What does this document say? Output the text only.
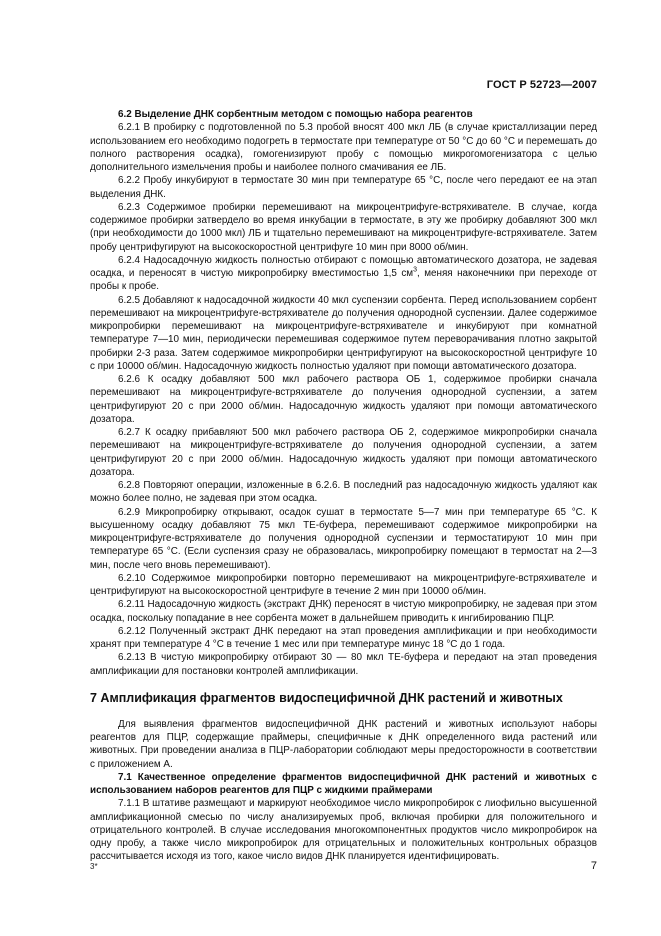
ГОСТ Р 52723—2007

6.2 Выделение ДНК сорбентным методом с помощью набора реагентов

6.2.1 В пробирку с подготовленной по 5.3 пробой вносят 400 мкл ЛБ (в случае кристаллизации перед использованием его необходимо подогреть в термостате при температуре от 50 °С до 60 °С и перемешать до полного растворения осадка), гомогенизируют пробу с помощью микрогомогенизатора с целью дополнительного измельчения пробы и наиболее полного смачивания ее ЛБ.

6.2.2 Пробу инкубируют в термостате 30 мин при температуре 65 °С, после чего передают ее на этап выделения ДНК.

6.2.3 Содержимое пробирки перемешивают на микроцентрифуге-встряхивателе. В случае, когда содержимое пробирки затвердело во время инкубации в термостате, в эту же пробирку добавляют 300 мкл (при необходимости до 1000 мкл) ЛБ и тщательно перемешивают на микроцентрифуге-встряхивателе. Затем пробу центрифугируют на высокоскоростной центрифуге 10 мин при 8000 об/мин.

6.2.4 Надосадочную жидкость полностью отбирают с помощью автоматического дозатора, не задевая осадка, и переносят в чистую микропробирку вместимостью 1,5 $см^3$, меняя наконечники при переходе от пробы к пробе.

6.2.5 Добавляют к надосадочной жидкости 40 мкл суспензии сорбента. Перед использованием сорбент перемешивают на микроцентрифуге-встряхивателе до получения однородной суспензии. Далее содержимое микропробирки перемешивают на микроцентрифуге-встряхивателе и инкубируют при комнатной температуре 7—10 мин, периодически перемешивая содержимое путем переворачивания плотно закрытой пробирки 2-3 раза. Затем содержимое микропробирки центрифугируют на высокоскоростной центрифуге 10 с при 10000 об/мин. Надосадочную жидкость полностью удаляют при помощи автоматического дозатора.

6.2.6 К осадку добавляют 500 мкл рабочего раствора ОБ 1, содержимое пробирки сначала перемешивают на микроцентрифуге-встряхивателе до получения однородной суспензии, а затем центрифугируют 20 с при 2000 об/мин. Надосадочную жидкость удаляют при помощи автоматического дозатора.

6.2.7 К осадку прибавляют 500 мкл рабочего раствора ОБ 2, содержимое микропробирки сначала перемешивают на микроцентрифуге-встряхивателе до получения однородной суспензии, а затем центрифугируют 20 с при 2000 об/мин. Надосадочную жидкость удаляют при помощи автоматического дозатора.

6.2.8 Повторяют операции, изложенные в 6.2.6. В последний раз надосадочную жидкость удаляют как можно более полно, не задевая при этом осадка.

6.2.9 Микропробирку открывают, осадок сушат в термостате 5—7 мин при температуре 65 °С. К высушенному осадку добавляют 75 мкл ТЕ-буфера, перемешивают содержимое микропробирки на микроцентрифуге-встряхивателе до получения однородной суспензии и термостатируют 10 мин при температуре 65 °С. (Если суспензия сразу не образовалась, микропробирку помещают в термостат на 2—3 мин, после чего вновь перемешивают).

6.2.10 Содержимое микропробирки повторно перемешивают на микроцентрифуге-встряхивателе и центрифугируют на высокоскоростной центрифуге в течение 2 мин при 10000 об/мин.

6.2.11 Надосадочную жидкость (экстракт ДНК) переносят в чистую микропробирку, не задевая при этом осадка, поскольку попадание в нее сорбента может в дальнейшем приводить к ингибированию ПЦР.

6.2.12 Полученный экстракт ДНК передают на этап проведения амплификации и при необходимости хранят при температуре 4 °С в течение 1 мес или при температуре минус 18 °С до 1 года.

6.2.13 В чистую микропробирку отбирают 30 — 80 мкл ТЕ-буфера и передают на этап проведения амплификации для постановки контролей амплификации.

7 Амплификация фрагментов видоспецифичной ДНК растений и животных

Для выявления фрагментов видоспецифичной ДНК растений и животных используют наборы реагентов для ПЦР, содержащие праймеры, специфичные к ДНК определенного вида растений или животных. При проведении анализа в ПЦР-лаборатории соблюдают меры предосторожности в соответствии с приложением А.

7.1 Качественное определение фрагментов видоспецифичной ДНК растений и животных с использованием наборов реагентов для ПЦР с жидкими праймерами

7.1.1 В штативе размещают и маркируют необходимое число микропробирок с лиофильно высушенной амплификационной смесью по числу анализируемых проб, включая пробирки для положительного и отрицательного контролей. В случае исследования многокомпонентных продуктов число микропробирок на одну пробу, а также число микропробирок для отрицательных и положительных контрольных образцов рассчитывается исходя из того, какое число видов ДНК планируется идентифицировать.

3*	7
